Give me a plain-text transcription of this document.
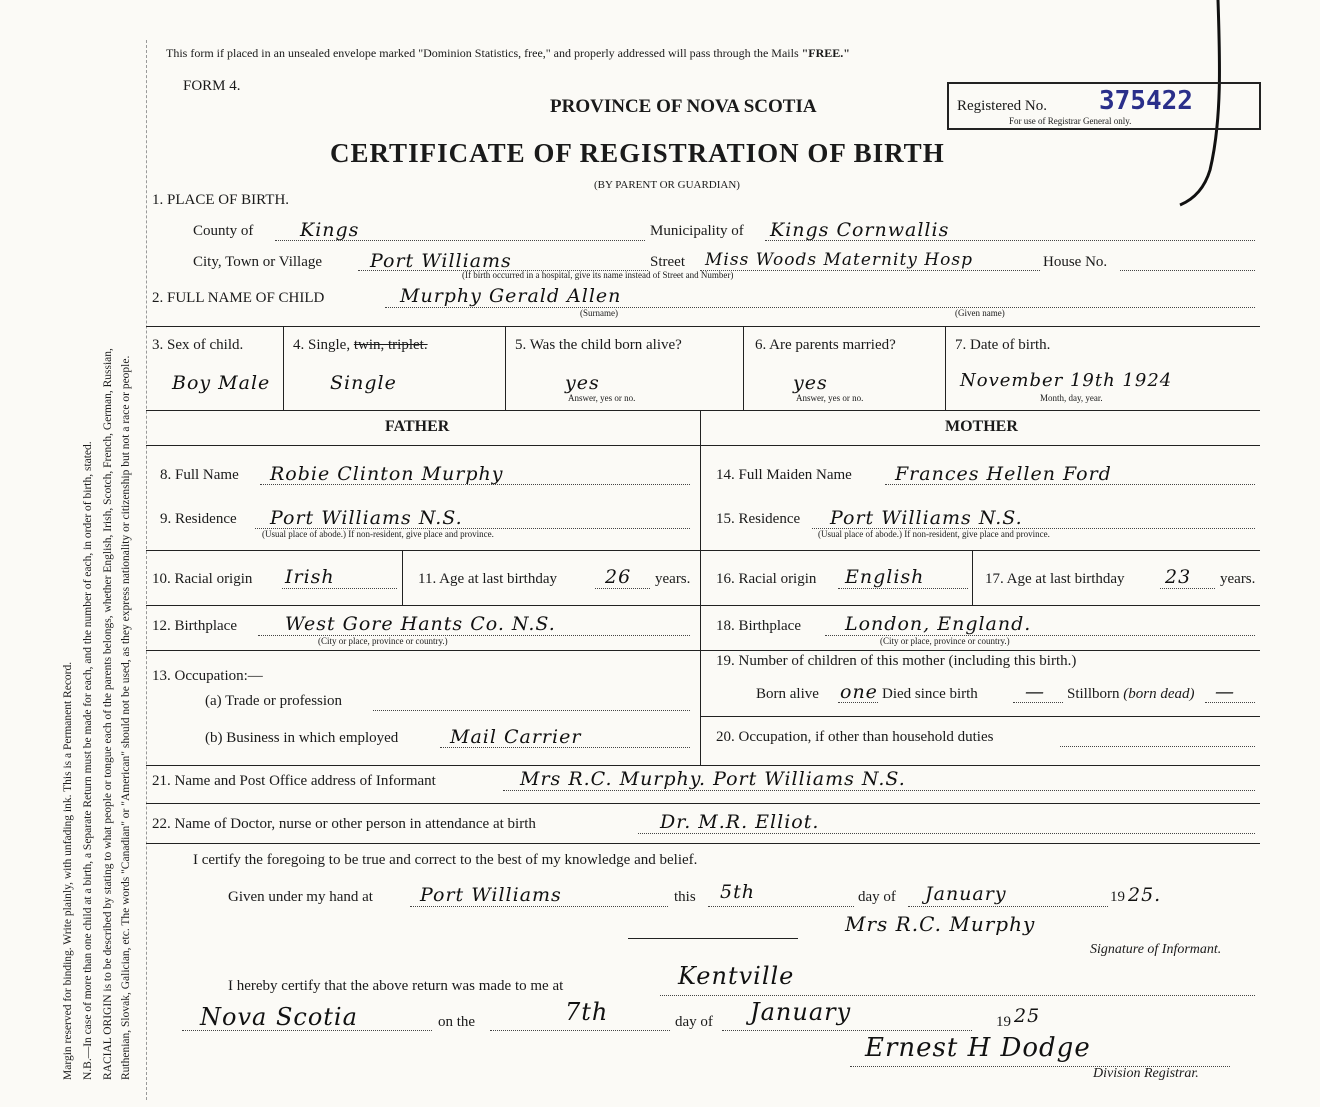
Margin reserved for binding. Write plainly, with unfading ink. This is a Permanent Record. N.B.—In case of more than one child at a birth, a Separate Return must be made for each, and the number of each, in order of birth, stated. RACIAL ORIGIN is to be described by stating to what people or tongue each of the parents belongs, whether English, Irish, Scotch, French, German, Russian, Ruthenian, Slovak, Galician, etc. The words "Canadian" or "American" should not be used, as they express nationality or citizenship but not a race or people.
This form if placed in an unsealed envelope marked "Dominion Statistics, free," and properly addressed will pass through the Mails "FREE."
FORM 4.
PROVINCE OF NOVA SCOTIA
CERTIFICATE OF REGISTRATION OF BIRTH
(BY PARENT OR GUARDIAN)
Registered No. 375422
For use of Registrar General only.
1. PLACE OF BIRTH.
County of Kings	Municipality of Kings Cornwallis
City, Town or Village	Port Williams	Street Miss Woods Maternity Hosp	House No.
(If birth occurred in a hospital, give its name instead of Street and Number)
2. FULL NAME OF CHILD	Murphy Gerald Allen
(Surname)	(Given name)
3. Sex of child.
Boy Male
4. Single, twin, triplet.
Single
5. Was the child born alive?
yes
Answer, yes or no.
6. Are parents married?
yes
Answer, yes or no.
7. Date of birth.
November 19th 1924
Month, day, year.
FATHER	MOTHER
8. Full Name Robie Clinton Murphy	14. Full Maiden Name Frances Hellen Ford
9. Residence Port Williams N.S.
(Usual place of abode.) If non-resident, give place and province.
15. Residence Port Williams N.S.
(Usual place of abode.) If non-resident, give place and province.
10. Racial origin Irish	11. Age at last birthday	26 years. 16. Racial origin English	17. Age at last birthday 23 years.
12. Birthplace	West Gore Hants Co. N.S.
(City or place, province or country.)
18. Birthplace London, England.
(City or place, province or country.)
13. Occupation:—
(a) Trade or profession
(b) Business in which employed	Mail Carrier
19. Number of children of this mother (including this birth.)
Born alive one Died since birth — Stillborn (born dead) —
20. Occupation, if other than household duties
21. Name and Post Office address of Informant	Mrs R.C. Murphy. Port Williams N.S.
22. Name of Doctor, nurse or other person in attendance at birth	Dr. M.R. Elliot.
I certify the foregoing to be true and correct to the best of my knowledge and belief.
Given under my hand at Port Williams	this 5th	day of January	19 25.
Mrs R.C. Murphy
Signature of Informant.
I hereby certify that the above return was made to me at	Kentville
Nova Scotia	on the	7th	day of January	19 25
Ernest H Dodge
Division Registrar.
